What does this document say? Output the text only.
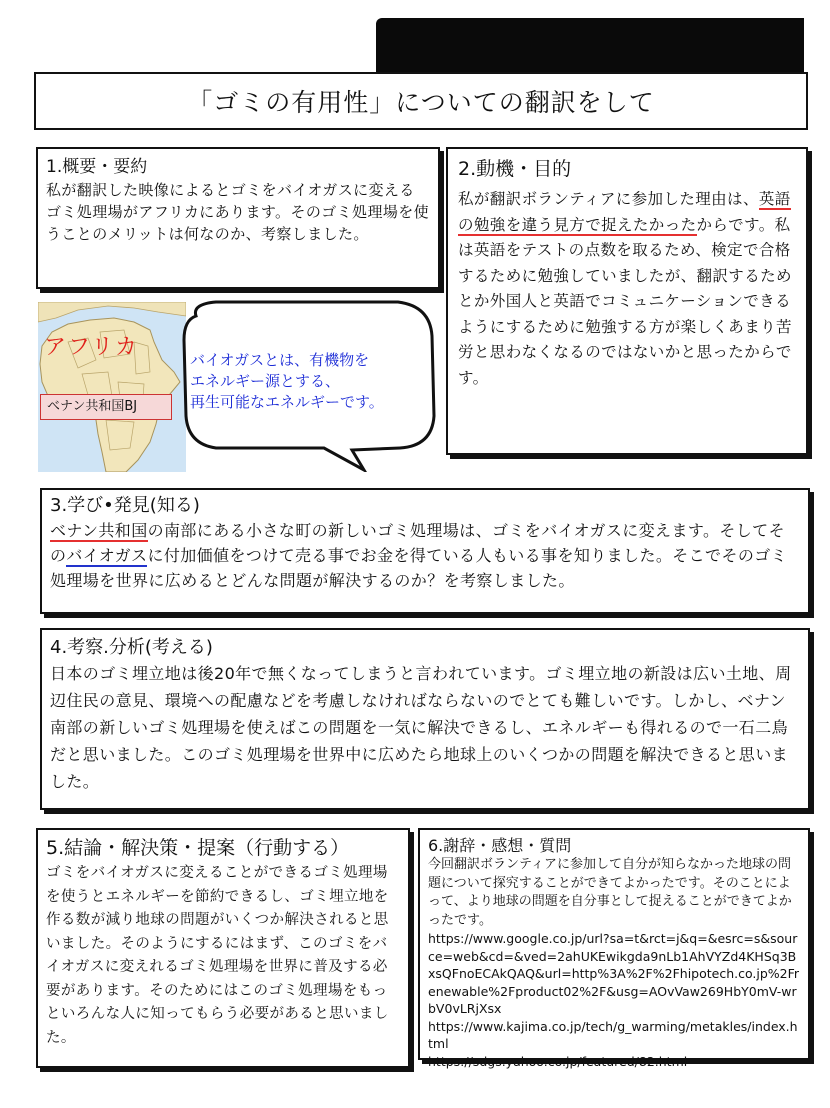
「ゴミの有用性」についての翻訳をして
1.概要・要約

私が翻訳した映像によるとゴミをバイオガスに変えるゴミ処理場がアフリカにあります。そのゴミ処理場を使うことのメリットは何なのか、考察しました。

2.動機・目的

私が翻訳ボランティアに参加した理由は、英語の勉強を違う見方で捉えたかったからです。私は英語をテストの点数を取るため、検定で合格するために勉強していましたが、翻訳するためとか外国人と英語でコミュニケーションできるようにするために勉強する方が楽しくあまり苦労と思わなくなるのではないかと思ったからです。

アフリカ
ベナン共和国BJ
バイオガスとは、有機物を
エネルギー源とする、
再生可能なエネルギーです。
3.学び•発見(知る)

ベナン共和国の南部にある小さな町の新しいゴミ処理場は、ゴミをバイオガスに変えます。そしてそのバイオガスに付加価値をつけて売る事でお金を得ている人もいる事を知りました。そこでそのゴミ処理場を世界に広めるとどんな問題が解決するのか？を考察しました。

4.考察.分析(考える)

日本のゴミ埋立地は後20年で無くなってしまうと言われています。ゴミ埋立地の新設は広い土地、周辺住民の意見、環境への配慮などを考慮しなければならないのでとても難しいです。しかし、ベナン南部の新しいゴミ処理場を使えばこの問題を一気に解決できるし、エネルギーも得れるので一石二鳥だと思いました。このゴミ処理場を世界中に広めたら地球上のいくつかの問題を解決できると思いました。

5.結論・解決策・提案（行動する）

ゴミをバイオガスに変えることができるゴミ処理場を使うとエネルギーを節約できるし、ゴミ埋立地を作る数が減り地球の問題がいくつか解決されると思いました。そのようにするにはまず、このゴミをバイオガスに変えれるゴミ処理場を世界に普及する必要があります。そのためにはこのゴミ処理場をもっといろんな人に知ってもらう必要があると思いました。

6.謝辞・感想・質問

今回翻訳ボランティアに参加して自分が知らなかった地球の問題について探究することができてよかったです。そのことによって、より地球の問題を自分事として捉えることができてよかったです。

https://www.google.co.jp/url?sa=t&rct=j&q=&esrc=s&source=web&cd=&ved=2ahUKEwikgda9nLb1AhVYZd4KHSq3BxsQFnoECAkQAQ&url=http%3A%2F%2Fhipotech.co.jp%2Frenewable%2Fproduct02%2F&usg=AOvVaw269HbY0mV-wrbV0vLRjXsx
https://www.kajima.co.jp/tech/g_warming/metakles/index.html
https://sdgs.yahoo.co.jp/featured/82.html
